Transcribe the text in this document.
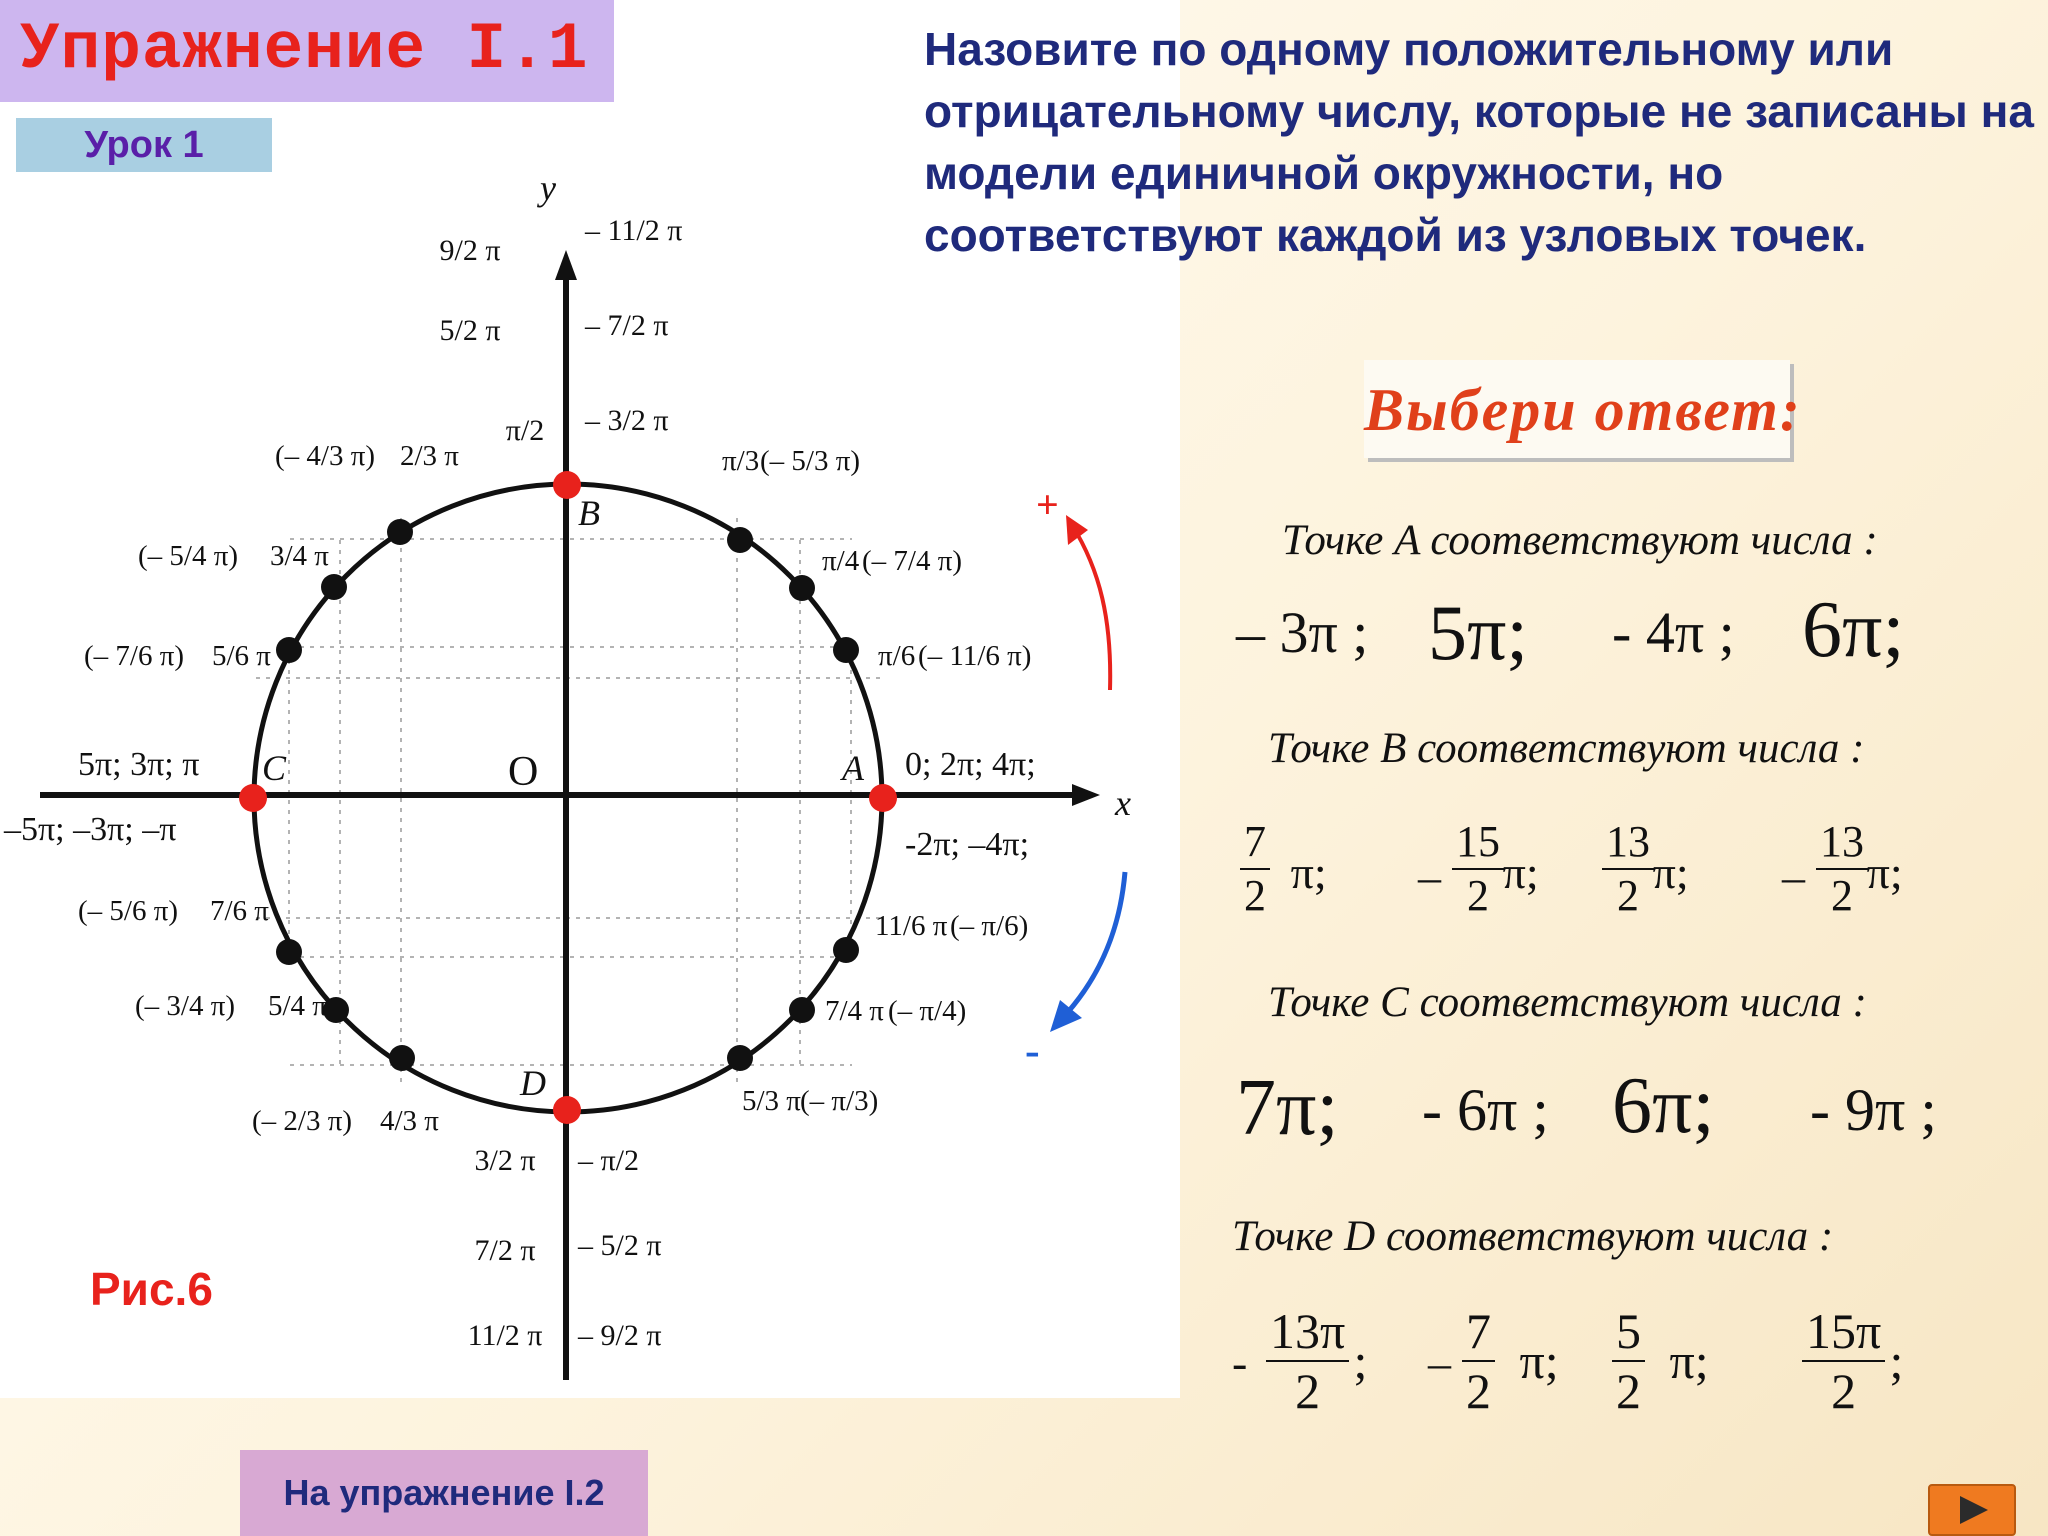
x
y
O
B
A
C
D
0; 2π; 4π;
-2π; –4π;
5π; 3π; π
–5π; –3π; –π
9/2 π
– 11/2 π
5/2 π	– 7/2 π
π/2 – 3/2 π
3/2 π – π/2
7/2 π – 5/2 π
11/2 π – 9/2 π
π/3 (– 5/3 π)
π/4 (– 7/4 π)
π/6 (– 11/6 π)
(– 4/3 π) 2/3 π
(– 5/4 π) 3/4 π
(– 7/6 π) 5/6 π
(– 5/6 π) 7/6 π
(– 3/4 π) 5/4 π
(– 2/3 π) 4/3 π
11/6 π (– π/6)
7/4 π (– π/4)
5/3 π (– π/3)
+
-
Упражнение I.1
Урок 1
Назовите по одному положительному или отрицательному числу, которые не записаны на модели единичной окружности, но соответствуют каждой из узловых точек.
Выбери ответ:
Точке A соответствуют числа :
– 3π ; 5π; - 4π ; 6π;
Точке B соответствуют числа :
$\frac{7}{2} \pi$; – $\frac{15}{2}$
π; $\frac{13}{2}$
π; – $\frac{13}{2}$
π;
Точке C соответствуют числа :
7π; - 6π ; 6π; - 9π ;
Точке D соответствуют числа :
- $\frac{13\pi}{2}$ ; – $\frac{7}{2} \pi$; $\frac{5}{2} \pi$; $\frac{15\pi}{2}$ ;
Рис.6
На упражнение I.2
